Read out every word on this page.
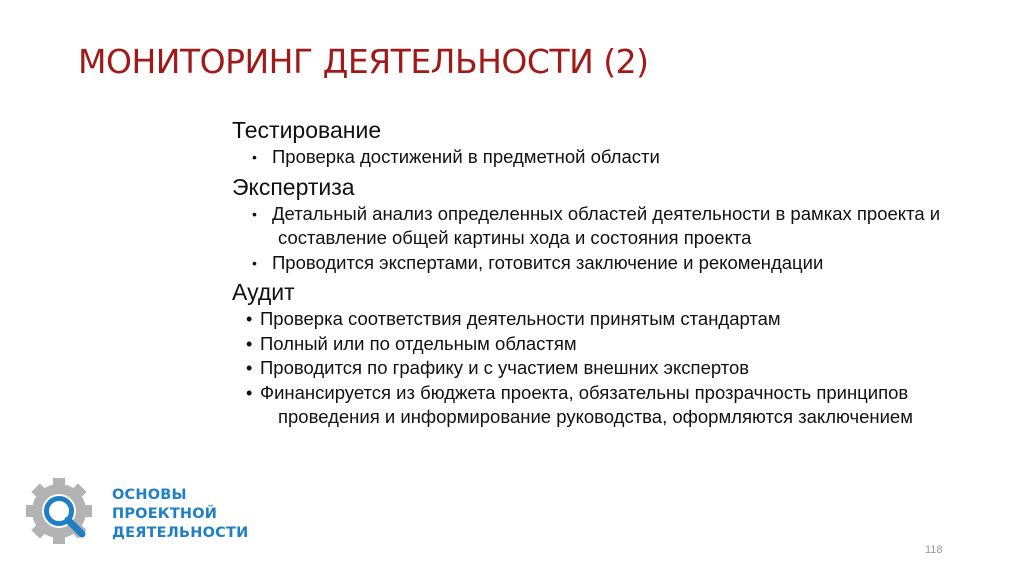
МОНИТОРИНГ ДЕЯТЕЛЬНОСТИ (2)

Тестирование

• Проверка достижений в предметной области

Экспертиза

• Детальный анализ определенных областей деятельности в рамках проекта и составление общей картины хода и состояния проекта
• Проводится экспертами, готовится заключение и рекомендации

Аудит

• Проверка соответствия деятельности принятым стандартам
• Полный или по отдельным областям
• Проводится по графику и с участием внешних экспертов
• Финансируется из бюджета проекта, обязательны прозрачность принципов проведения и информирование руководства, оформляются заключением
ОСНОВЫ
ПРОЕКТНОЙ
ДЕЯТЕЛЬНОСТИ
118
